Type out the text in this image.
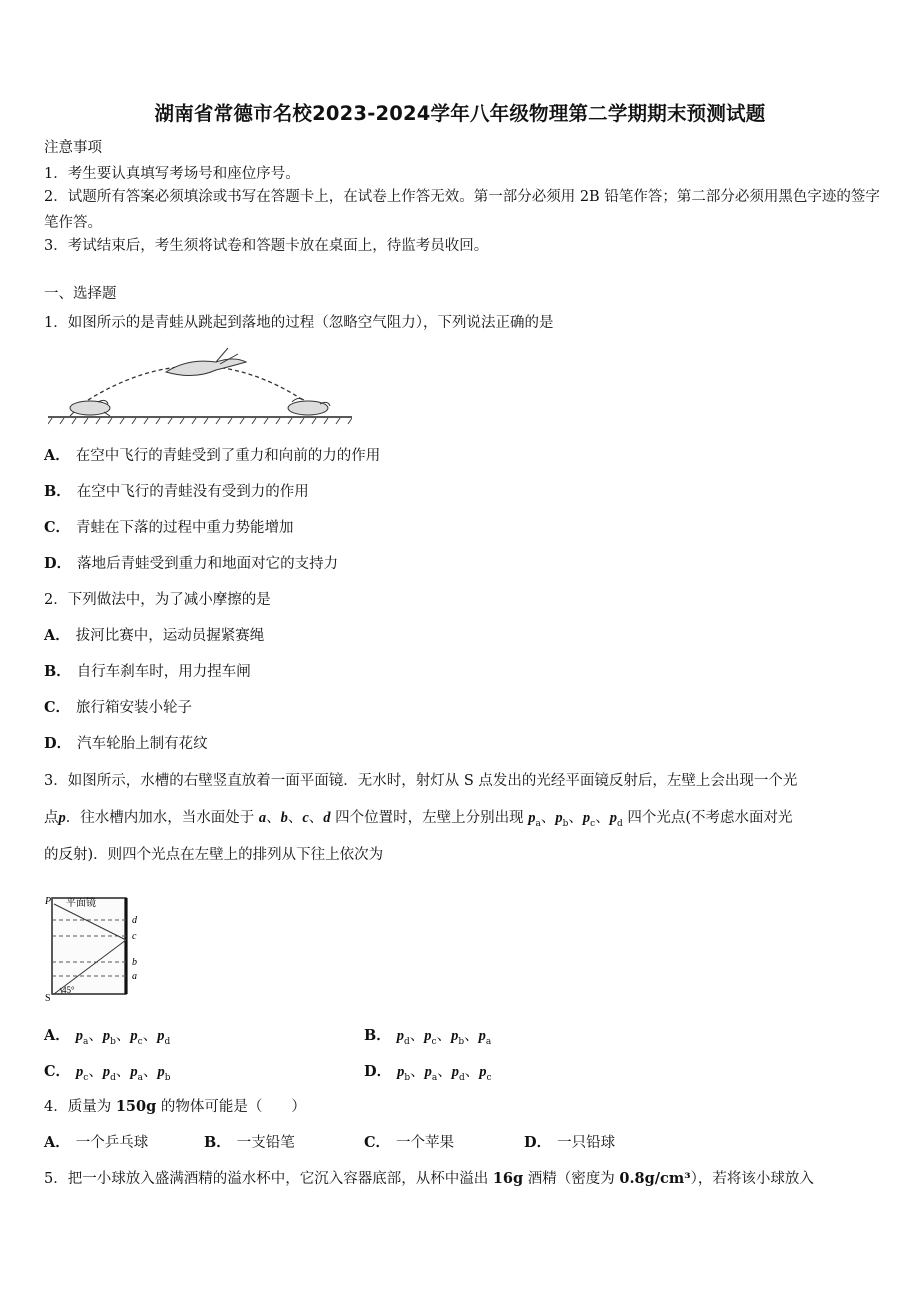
湖南省常德市名校2023-2024学年八年级物理第二学期期末预测试题
注意事项
1．考生要认真填写考场号和座位序号。
2．试题所有答案必须填涂或书写在答题卡上，在试卷上作答无效。第一部分必须用 2B 铅笔作答；第二部分必须用黑色字迹的签字笔作答。
3．考试结束后，考生须将试卷和答题卡放在桌面上，待监考员收回。
一、选择题
1．如图所示的是青蛙从跳起到落地的过程（忽略空气阻力），下列说法正确的是
A． 在空中飞行的青蛙受到了重力和向前的力的作用
B． 在空中飞行的青蛙没有受到力的作用
C． 青蛙在下落的过程中重力势能增加
D． 落地后青蛙受到重力和地面对它的支持力
2．下列做法中，为了减小摩擦的是
A． 拔河比赛中，运动员握紧赛绳
B． 自行车刹车时，用力捏车闸
C． 旅行箱安装小轮子
D． 汽车轮胎上制有花纹
3．如图所示，水槽的右壁竖直放着一面平面镜．无水时，射灯从 S 点发出的光经平面镜反射后，左壁上会出现一个光
点p．往水槽内加水，当水面处于 a、b、c、d 四个位置时，左壁上分别出现 $p_a$、$p_b$、$p_c$、$p_d$ 四个光点(不考虑水面对光
的反射)．则四个光点在左壁上的排列从下往上依次为
P 平面镜
S
45°
d
c
b
a
A． $p_a$、$p_b$、$p_c$、$p_d$	B． $p_d$、$p_c$、$p_b$、$p_a$
C． $p_c$、$p_d$、$p_a$、$p_b$	D． $p_b$、$p_a$、$p_d$、$p_c$
4．质量为 150g 的物体可能是（　　）
A． 一个乒乓球	B． 一支铅笔	C． 一个苹果	D． 一只铅球
5．把一小球放入盛满酒精的溢水杯中，它沉入容器底部，从杯中溢出 16g 酒精（密度为 0.8g/cm³），若将该小球放入
